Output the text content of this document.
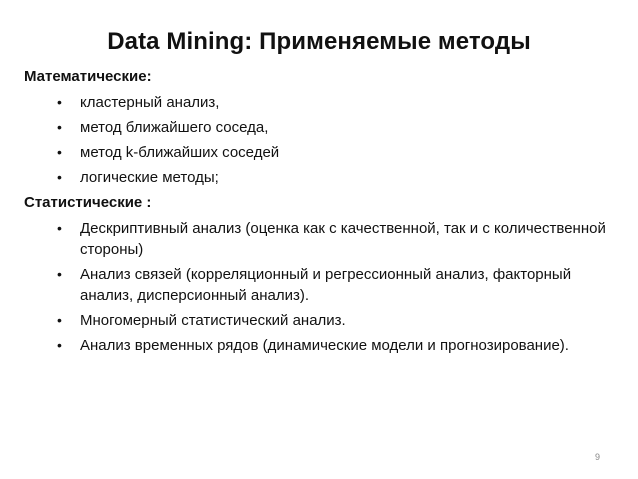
Data Mining: Применяемые методы

Математические:

• кластерный анализ,
• метод ближайшего соседа,
• метод k-ближайших соседей
• логические методы;

Статистические :

• Дескриптивный анализ (оценка как с качественной, так и с количественной стороны)
• Анализ связей (корреляционный и регрессионный анализ, факторный анализ, дисперсионный анализ).
• Многомерный статистический анализ.
• Анализ временных рядов (динамические модели и прогнозирование).
9
